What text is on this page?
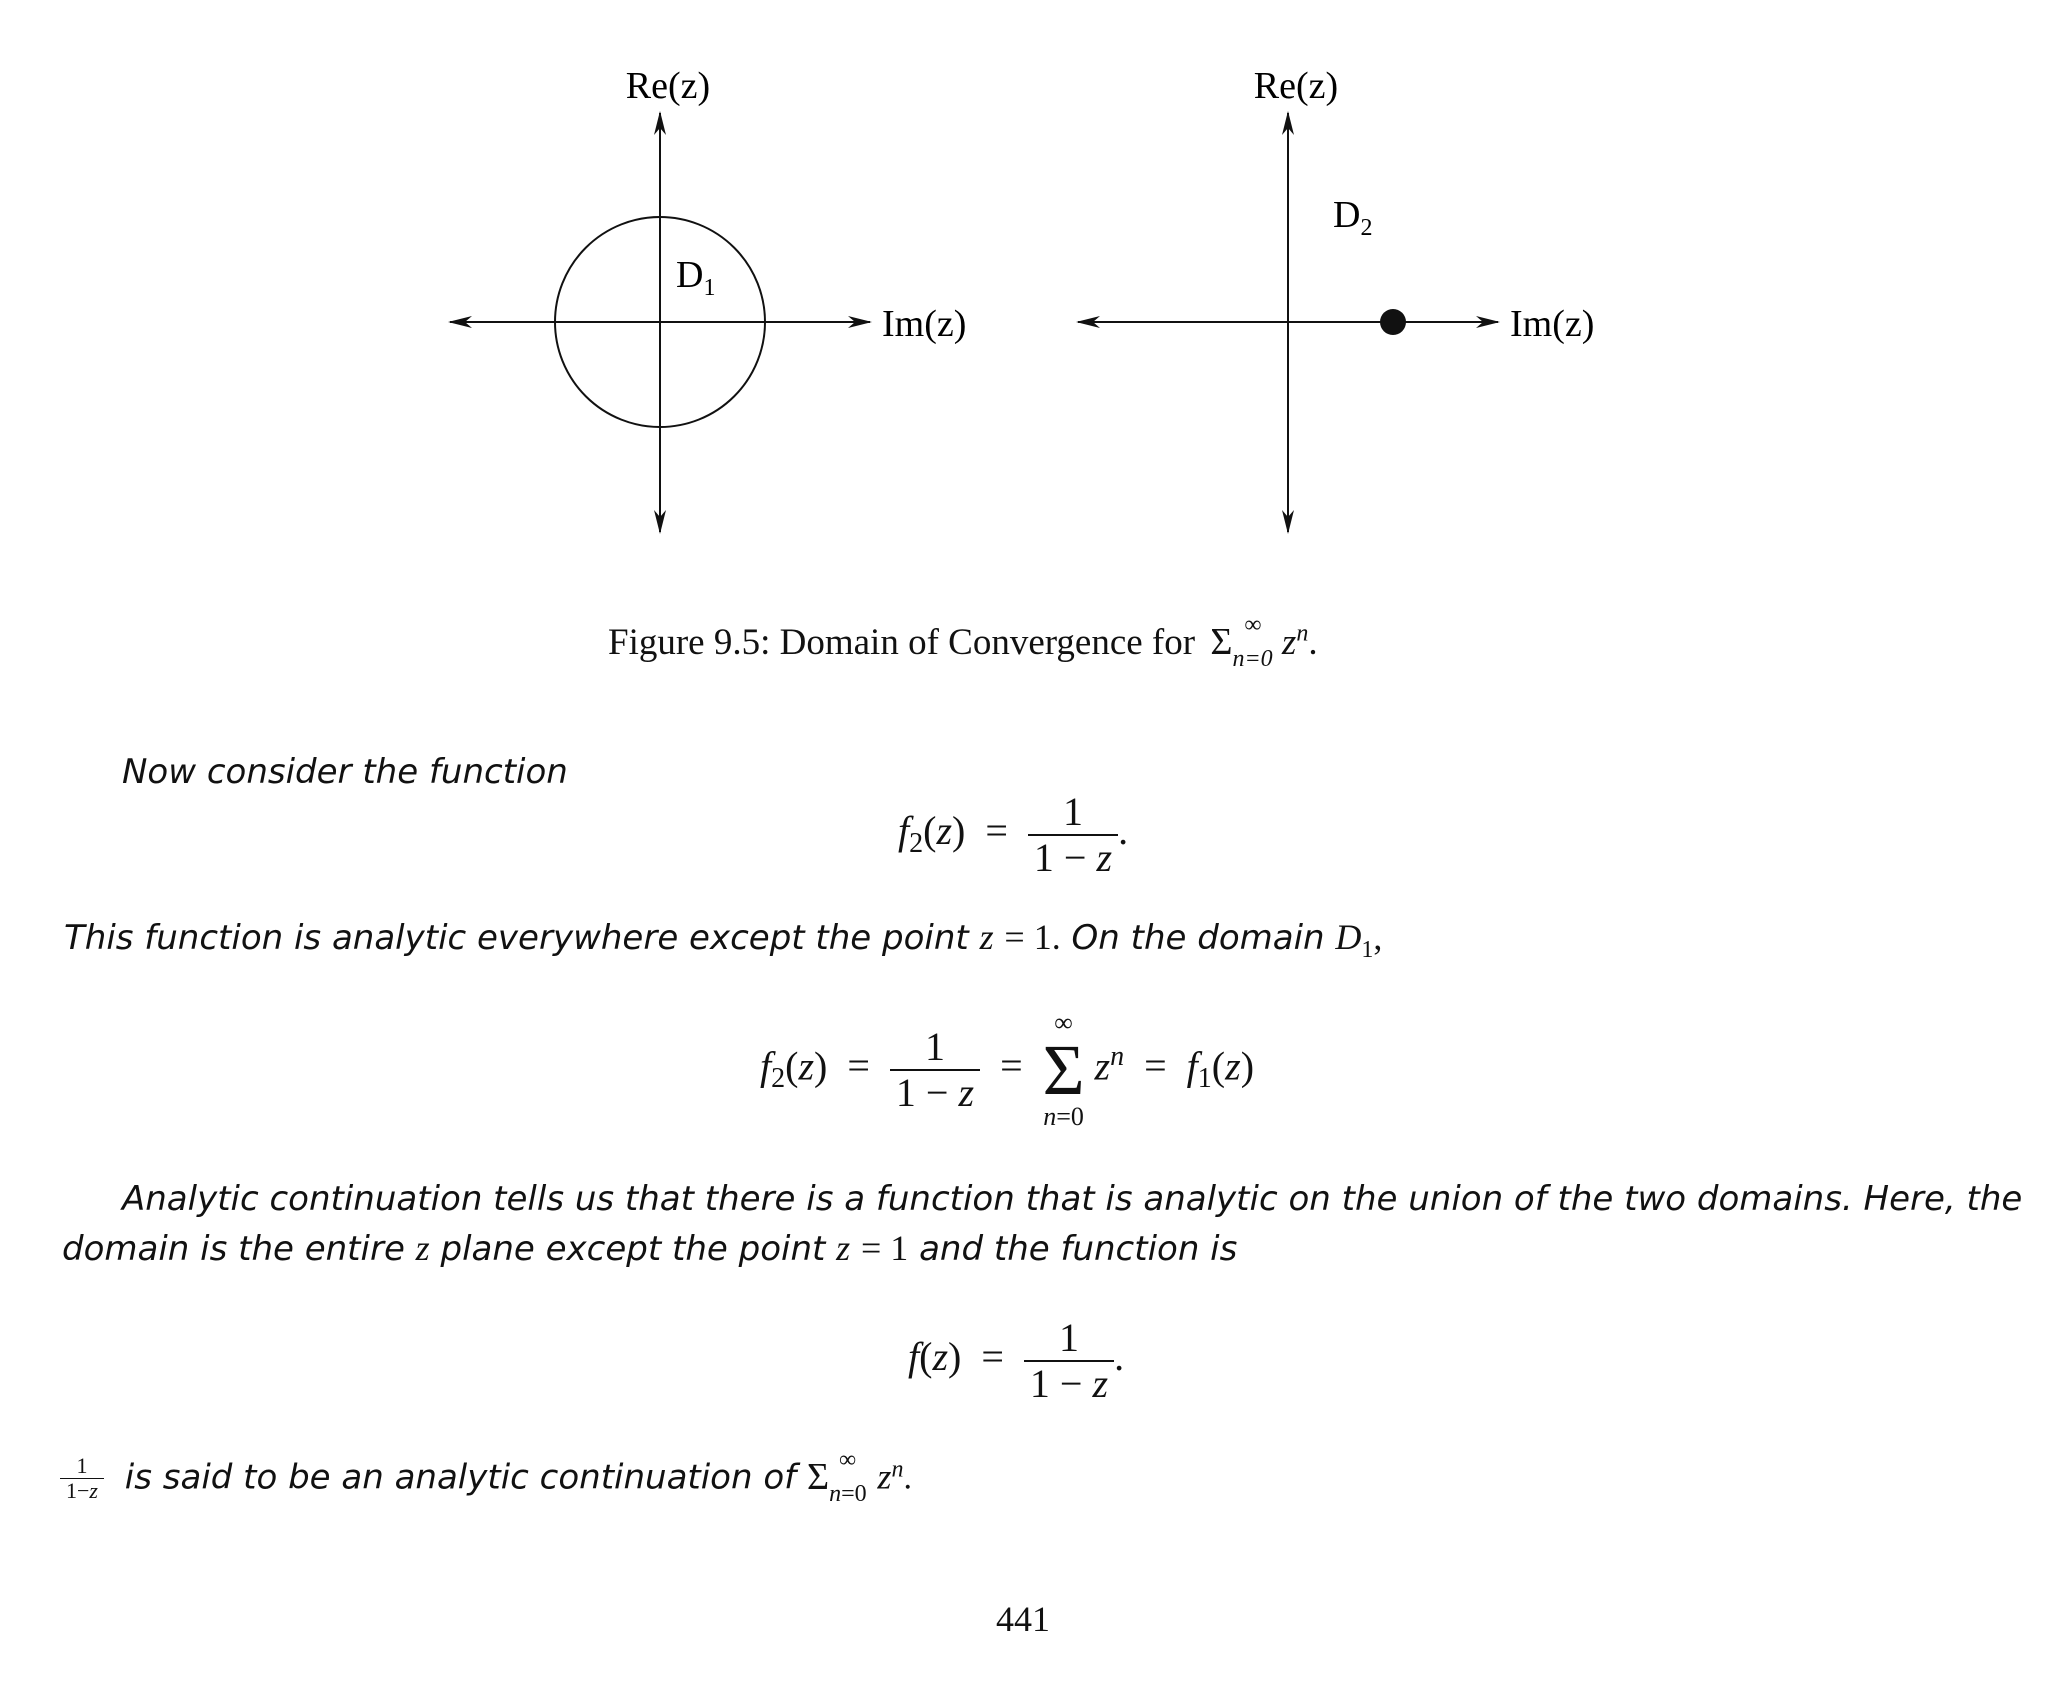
Re(z)
Im(z)
$D_1$
Re(z)
Im(z)
$D_2$
Figure 9.5: Domain of Convergence for Σ ∞
$_{n=0}$ $z^n$.
Now consider the function
$f_2(z) = \frac{1}{1 - z}$ .
This function is analytic everywhere except the point z = 1. On the domain $D_1$,
$f_2(z) = \frac{1}{1 - z}$ =
∞
Σ
n=0
$z^n = f_1(z)$
Analytic continuation tells us that there is a function that is analytic on the union of the two domains. Here, the
domain is the entire z plane except the point z = 1 and the function is
$f(z) = \frac{1}{1 - z}$ .
$\frac{1}{1-z}$ is said to be an analytic continuation of Σ ∞
$_{n=0}$ $z^n$.
441
